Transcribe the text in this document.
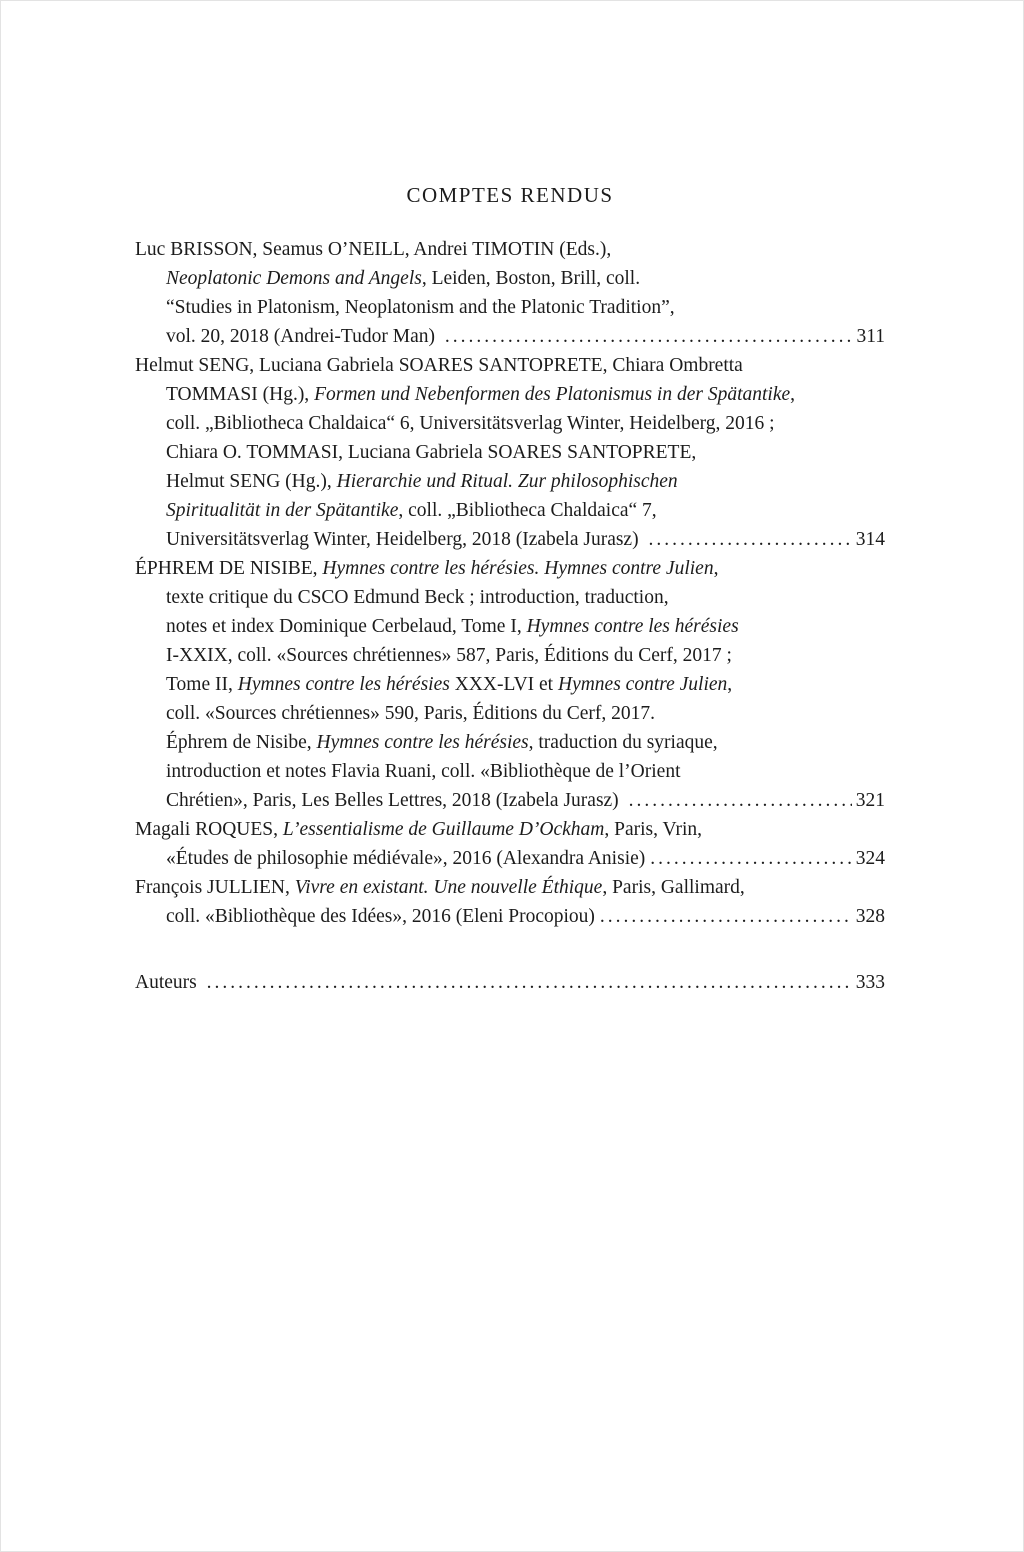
COMPTES RENDUS
Luc BRISSON, Seamus O’NEILL, Andrei TIMOTIN (Eds.),
Neoplatonic Demons and Angels , Leiden, Boston, Brill, coll.
“Studies in Platonism, Neoplatonism and the Platonic Tradition”,
vol. 20, 2018 (Andrei-Tudor Man) .....	311
Helmut SENG, Luciana Gabriela SOARES SANTOPRETE, Chiara Ombretta
TOMMASI (Hg.), Formen und Nebenformen des Platonismus in der Spätantike ,
coll. „Bibliotheca Chaldaica“ 6, Universitätsverlag Winter, Heidelberg, 2016 ;
Chiara O. TOMMASI, Luciana Gabriela SOARES SANTOPRETE,
Helmut SENG (Hg.), Hierarchie und Ritual. Zur philosophischen
Spiritualität in der Spätantike , coll. „Bibliotheca Chaldaica“ 7,
Universitätsverlag Winter, Heidelberg, 2018 (Izabela Jurasz) .....	314
ÉPHREM DE NISIBE, Hymnes contre les hérésies. Hymnes contre Julien ,
texte critique du CSCO Edmund Beck ; introduction, traduction,
notes et index Dominique Cerbelaud, Tome I, Hymnes contre les hérésies
I-XXIX, coll. «Sources chrétiennes» 587, Paris, Éditions du Cerf, 2017 ;
Tome II, Hymnes contre les hérésies XXX-LVI et Hymnes contre Julien ,
coll. «Sources chrétiennes» 590, Paris, Éditions du Cerf, 2017.
Éphrem de Nisibe, Hymnes contre les hérésies , traduction du syriaque,
introduction et notes Flavia Ruani, coll. «Bibliothèque de l’Orient
Chrétien», Paris, Les Belles Lettres, 2018 (Izabela Jurasz) .....	321
Magali ROQUES, L’essentialisme de Guillaume D’Ockham , Paris, Vrin,
«Études de philosophie médiévale», 2016 (Alexandra Anisie) .....	324
François JULLIEN, Vivre en existant. Une nouvelle Éthique , Paris, Gallimard,
coll. «Bibliothèque des Idées», 2016 (Eleni Procopiou) .....	328
Auteurs .....	333
